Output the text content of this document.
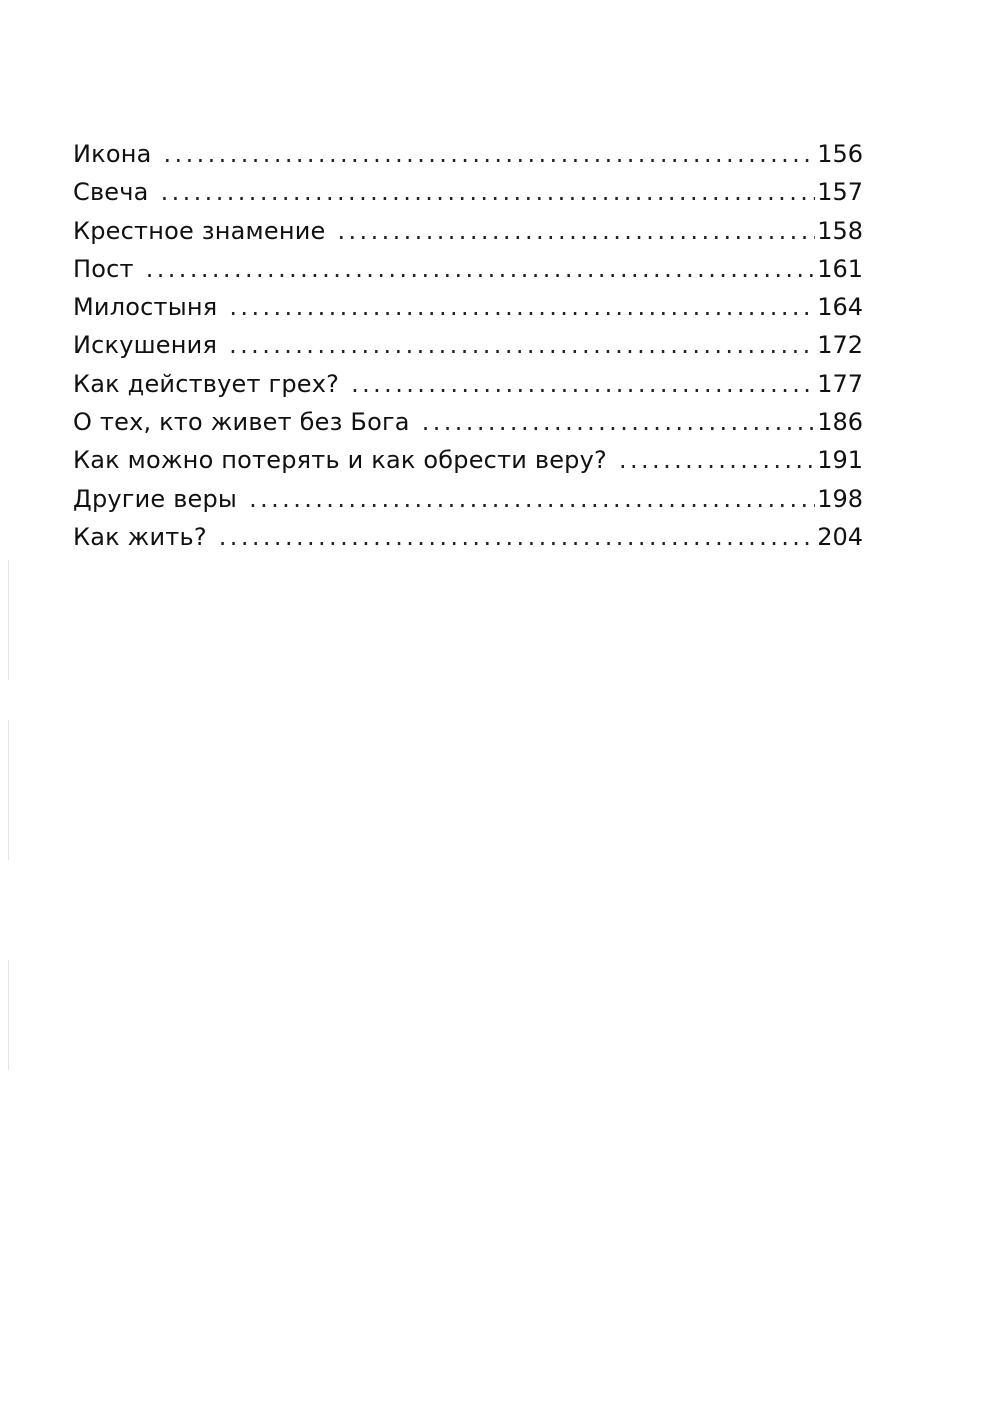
Икона .....	156
Свеча .....	157
Крестное знамение .....	158
Пост .....	161
Милостыня .....	164
Искушения .....	172
Как действует грех? .....	177
О тех, кто живет без Бога .....	186
Как можно потерять и как обрести веру? .....	191
Другие веры .....	198
Как жить? .....	204
